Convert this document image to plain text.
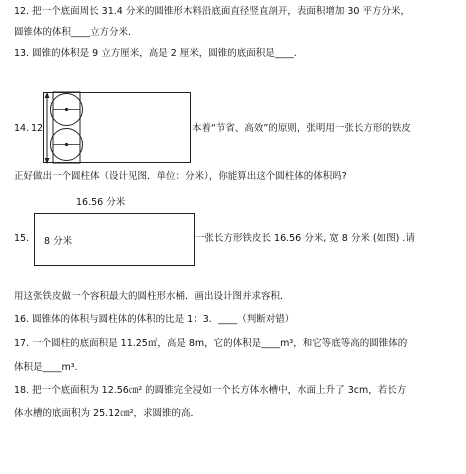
12. 把一个底面周长 31.4 分米的圆锥形木料沿底面直径竖直剖开，表面积增加 30 平方分米，
圆锥体的体积____立方分米.
13. 圆锥的体积是 9 立方厘米，高是 2 厘米，圆锥的底面积是____.
14. 12	本着“节省、高效”的原则，张明用一张长方形的铁皮
正好做出一个圆柱体（设计见图．单位：分米），你能算出这个圆柱体的体积吗?
16.56 分米
15. 8 分米	一张长方形铁皮长 16.56 分米, 宽 8 分米 (如图) .请
用这张铁皮做一个容积最大的圆柱形水桶．画出设计图并求容积．
16. 圆锥体的体积与圆柱体的体积的比是 1：3．____（判断对错）
17. 一个圆柱的底面积是 11.25㎡，高是 8m，它的体积是____m³，和它等底等高的圆锥体的
体积是____m³.
18. 把一个底面积为 12.56㎝² 的圆锥完全浸如一个长方体水槽中，水面上升了 3cm，若长方
体水槽的底面积为 25.12㎝²，求圆锥的高．
